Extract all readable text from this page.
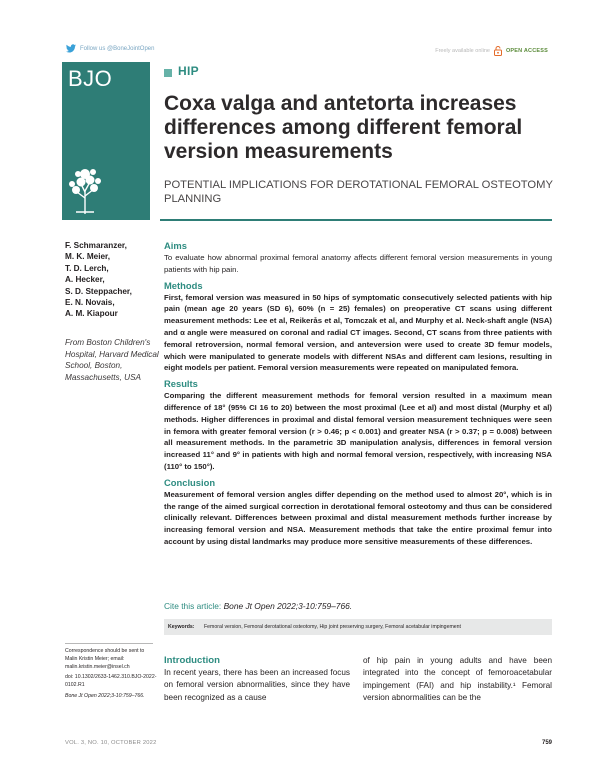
Follow us @BoneJointOpen	Freely available online	OPEN ACCESS
BJO	HIP
Coxa valga and antetorta increases differences among different femoral version measurements
POTENTIAL IMPLICATIONS FOR DEROTATIONAL FEMORAL OSTEOTOMY PLANNING
F. Schmaranzer,
M. K. Meier,
T. D. Lerch,
A. Hecker,
S. D. Steppacher,
E. N. Novais,
A. M. Kiapour
From Boston Children's Hospital, Harvard Medical School, Boston, Massachusetts, USA

Aims

To evaluate how abnormal proximal femoral anatomy affects different femoral version measurements in young patients with hip pain.

Methods

First, femoral version was measured in 50 hips of symptomatic consecutively selected patients with hip pain (mean age 20 years (SD 6), 60% (n = 25) females) on preoperative CT scans using different measurement methods: Lee et al, Reikerås et al, Tomczak et al, and Murphy et al. Neck-shaft angle (NSA) and α angle were measured on coronal and radial CT images. Second, CT scans from three patients with femoral retroversion, normal femoral version, and anteversion were used to create 3D femur models, which were manipulated to generate models with different NSAs and different cam lesions, resulting in eight models per patient. Femoral version measurements were repeated on manipulated femora.

Results

Comparing the different measurement methods for femoral version resulted in a maximum mean difference of 18° (95% CI 16 to 20) between the most proximal (Lee et al) and most distal (Murphy et al) methods. Higher differences in proximal and distal femoral version measurement techniques were seen in femora with greater femoral version (r > 0.46; p < 0.001) and greater NSA (r > 0.37; p = 0.008) between all measurement methods. In the parametric 3D manipulation analysis, differences in femoral version increased 11° and 9° in patients with high and normal femoral version, respectively, with increasing NSA (110° to 150°).

Conclusion

Measurement of femoral version angles differ depending on the method used to almost 20°, which is in the range of the aimed surgical correction in derotational femoral osteotomy and thus can be considered clinically relevant. Differences between proximal and distal measurement methods further increase by increasing femoral version and NSA. Measurement methods that take the entire proximal femur into account by using distal landmarks may produce more sensitive measurements of these differences.

Cite this article: Bone Jt Open 2022;3-10:759–766.
Keywords: Femoral version, Femoral derotational osteotomy, Hip joint preserving surgery, Femoral acetabular impingement
Correspondence should be sent to Malin Kristin Meier; email: malin.kristin.meier@insel.ch
doi: 10.1302/2633-1462.310.BJO-2022-0102.R1
Bone Jt Open 2022;3-10:759–766.
Introduction
In recent years, there has been an increased focus on femoral version abnormalities, since they have been recognized as a cause
of hip pain in young adults and have been integrated into the concept of femoroacetabular impingement (FAI) and hip instability.¹ Femoral version abnormalities can be the
VOL. 3, NO. 10, OCTOBER 2022	759
